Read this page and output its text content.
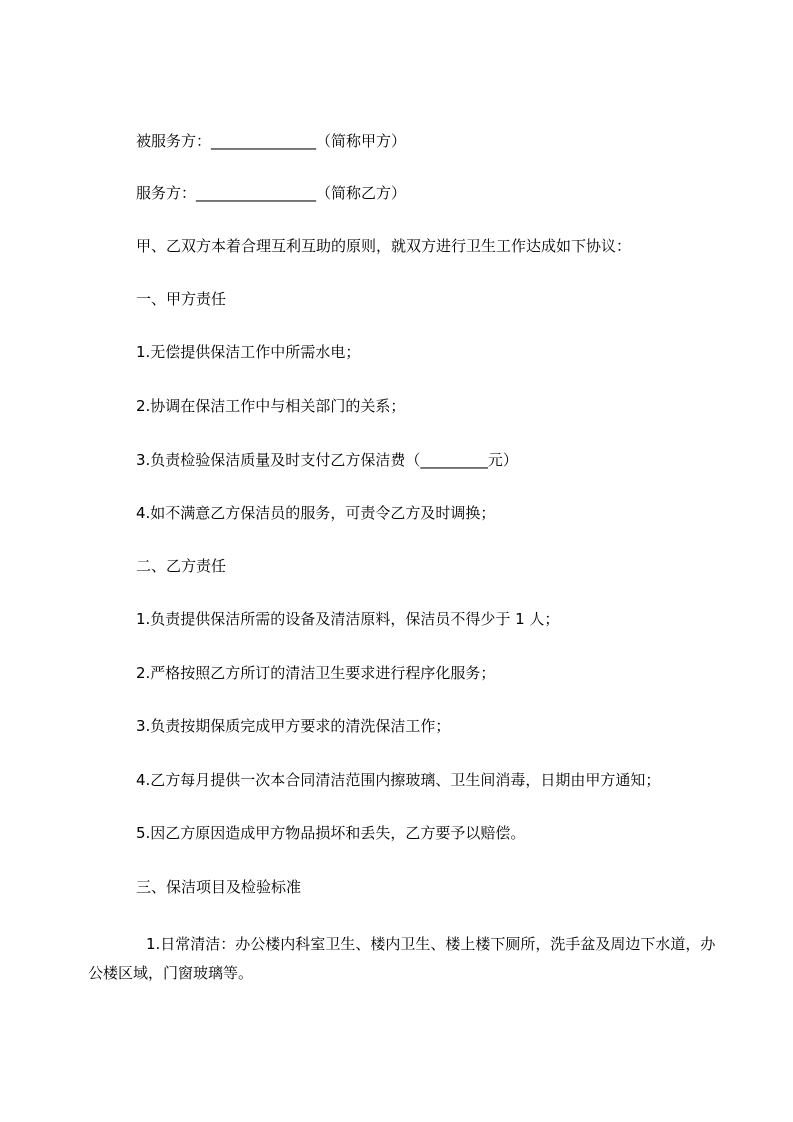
被服务方：______________（简称甲方）
服务方：________________（简称乙方）
甲、乙双方本着合理互利互助的原则，就双方进行卫生工作达成如下协议：
一、甲方责任
1.无偿提供保洁工作中所需水电；
2.协调在保洁工作中与相关部门的关系；
3.负责检验保洁质量及时支付乙方保洁费（_________元）
4.如不满意乙方保洁员的服务，可责令乙方及时调换；
二、乙方责任
1.负责提供保洁所需的设备及清洁原料，保洁员不得少于 1 人；
2.严格按照乙方所订的清洁卫生要求进行程序化服务；
3.负责按期保质完成甲方要求的清洗保洁工作；
4.乙方每月提供一次本合同清洁范围内擦玻璃、卫生间消毒，日期由甲方通知；
5.因乙方原因造成甲方物品损坏和丢失，乙方要予以赔偿。
三、保洁项目及检验标准
1.日常清洁：办公楼内科室卫生、楼内卫生、楼上楼下厕所，洗手盆及周边下水道，办公楼区域，门窗玻璃等。
